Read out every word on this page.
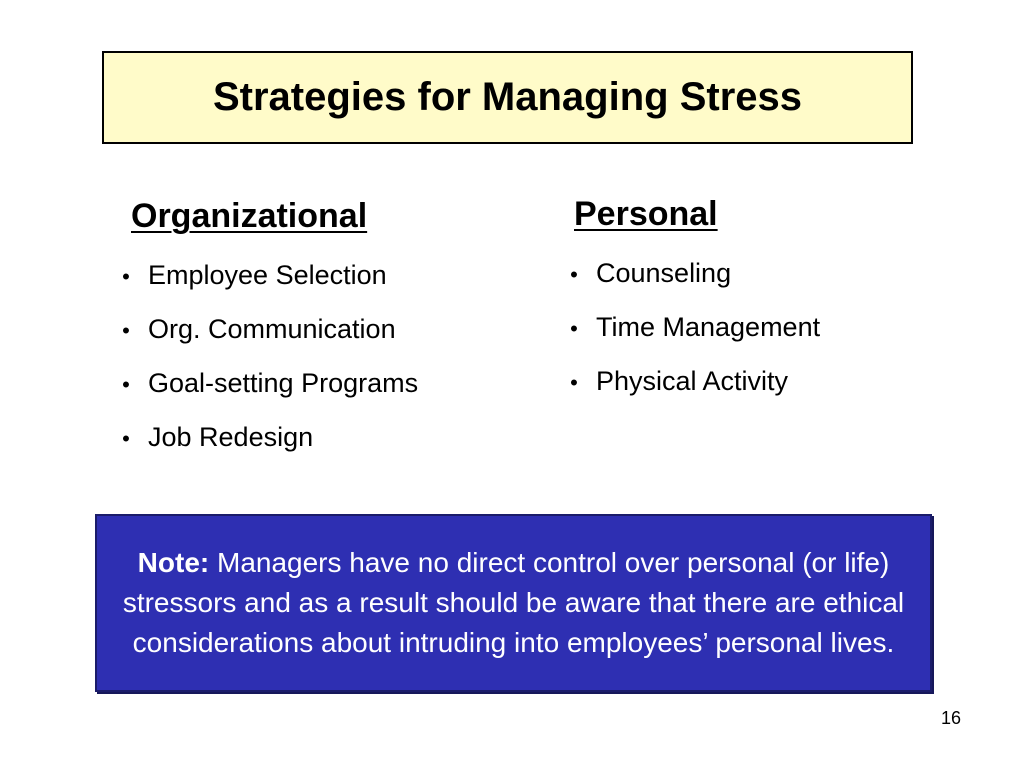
Strategies for Managing Stress
Organizational
• Employee Selection
• Org. Communication
• Goal-setting Programs
• Job Redesign
Personal
• Counseling
• Time Management
• Physical Activity

Note: Managers have no direct control over personal (or life) stressors and as a result should be aware that there are ethical considerations about intruding into employees’ personal lives.

16
